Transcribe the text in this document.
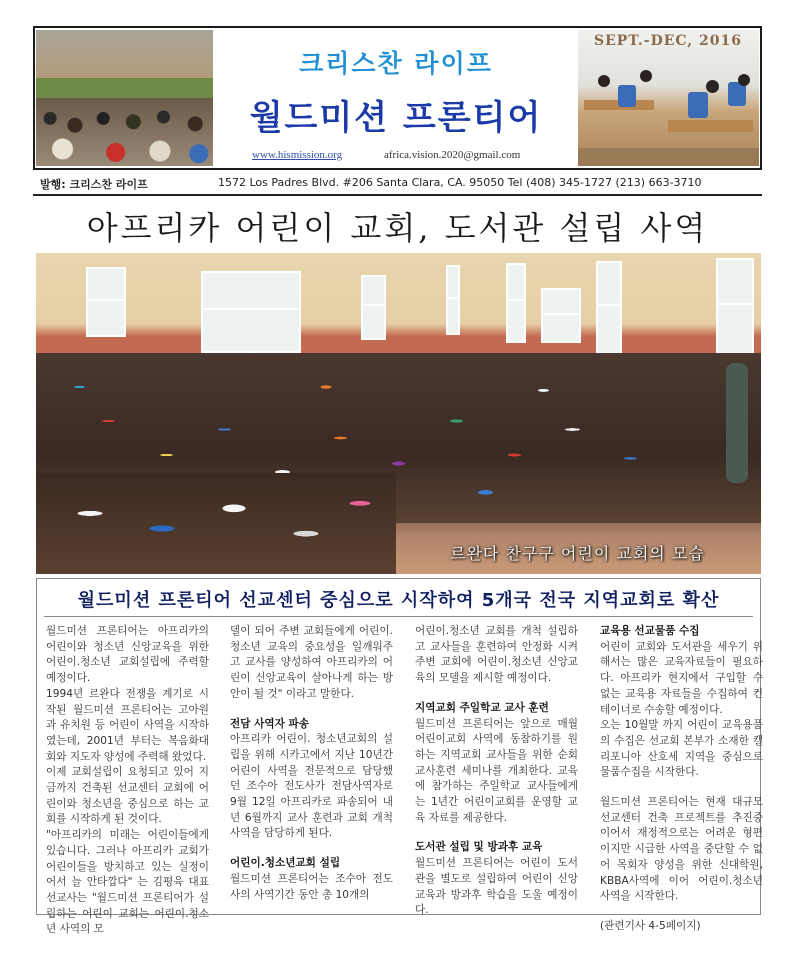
SEPT.-DEC, 2016
크리스찬 라이프
월드미션 프론티어
www.hismission.org	africa.vision.2020@gmail.com
발행: 크리스찬 라이프	1572 Los Padres Blvd. #206 Santa Clara, CA. 95050 Tel (408) 345-1727 (213) 663-3710
아프리카 어린이 교회, 도서관 설립 사역
르완다 찬구구 어린이 교회의 모습
월드미션 프론티어 선교센터 중심으로 시작하여 5개국 전국 지역교회로 확산

월드미션 프론티어는 아프리카의 어린이와 청소년 신앙교육을 위한 어린이.청소년 교회설립에 주력할 예정이다.

1994년 르완다 전쟁을 계기로 시작된 월드미션 프론티어는 고아원과 유치원 등 어린이 사역을 시작하였는데, 2001년 부터는 복음화대회와 지도자 양성에 주력해 왔었다.

이제 교회설립이 요청되고 있어 지금까지 건축된 선교센터 교회에 어린이와 청소년을 중심으로 하는 교회를 시작하게 된 것이다.

"아프리카의 미래는 어린이들에게 있습니다. 그러나 아프리카 교회가 어린이들을 방치하고 있는 실정이어서 늘 안타깝다" 는 김평육 대표 선교사는 "월드미션 프론티어가 설립하는 어린이 교회는 어린이.청소년 사역의 모

델이 되어 주변 교회들에게 어린이. 청소년 교육의 중요성을 일깨워주고 교사를 양성하여 아프리카의 어린이 신앙교육이 살아나게 하는 방안이 될 것" 이라고 말한다.

전담 사역자 파송

아프리카 어린이. 청소년교회의 설립을 위해 시카고에서 지난 10년간 어린이 사역을 전문적으로 담당했던 조수아 전도사가 전담사역자로 9월 12일 아프리카로 파송되어 내년 6월까지 교사 훈련과 교회 개척사역을 담당하게 된다.

어린이.청소년교회 설립

월드미션 프론티어는 조수아 전도사의 사역기간 동안 총 10개의

어린이.청소년 교회를 개척 설립하고 교사들을 훈련하여 안정화 시켜 주변 교회에 어린이.청소년 신앙교육의 모델을 제시할 예정이다.

지역교회 주일학교 교사 훈련

월드미션 프론티어는 앞으로 매월 어린이교회 사역에 동참하기를 원하는 지역교회 교사들을 위한 순회 교사훈련 세미나를 개최한다. 교육에 참가하는 주일학교 교사들에게는 1년간 어린이교회를 운영할 교육 자료를 제공한다.

도서관 설립 및 방과후 교육

월드미션 프론티어는 어린이 도서관을 별도로 설립하여 어린이 신앙교육과 방과후 학습을 도울 예정이다.

교육용 선교물품 수집

어린이 교회와 도서관을 세우기 위해서는 많은 교육자료들이 필요하다. 아프리카 현지에서 구입할 수 없는 교육용 자료들을 수집하여 컨테이너로 수송할 예정이다.

오는 10월말 까지 어린이 교육용품의 수집은 선교회 본부가 소재한 캘리포니아 산호세 지역을 중심으로 물품수집을 시작한다.

월드미션 프론티어는 현재 대규모 선교센터 건축 프로젝트를 추진중이어서 재정적으로는 어려운 형편이지만 시급한 사역을 중단할 수 없어 목회자 양성을 위한 신대학원, KBBA사역에 이어 어린이.청소년 사역을 시작한다.

(관련기사 4-5페이지)
